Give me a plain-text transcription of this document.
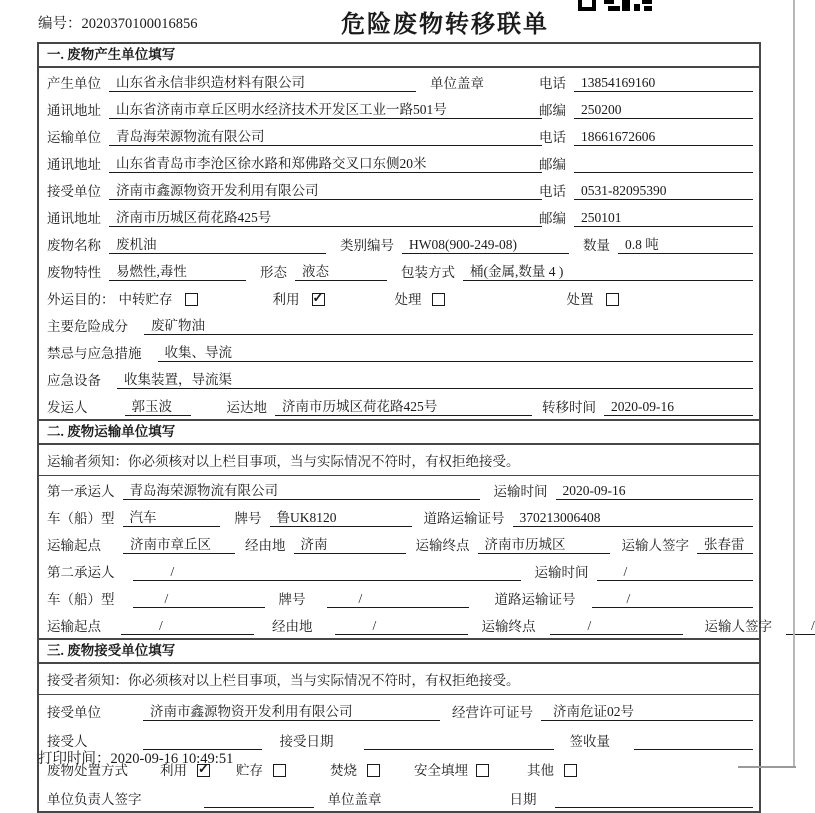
编号：2020370100016856	危险废物转移联单
一. 废物产生单位填写
产生单位	山东省永信非织造材料有限公司	单位盖章	电话	13854169160
通讯地址	山东省济南市章丘区明水经济技术开发区工业一路501号	邮编	250200
运输单位	青岛海荣源物流有限公司	电话	18661672606
通讯地址	山东省青岛市李沧区徐水路和郑佛路交叉口东侧20米	邮编
接受单位	济南市鑫源物资开发利用有限公司	电话	0531-82095390
通讯地址	济南市历城区荷花路425号	邮编	250101
废物名称	废机油	类别编号	HW08(900-249-08)	数量	0.8 吨
废物特性	易燃性,毒性	形态	液态	包装方式	桶(金属,数量 4 )
外运目的： 中转贮存	利用 ✓	处理	处置
主要危险成分	废矿物油
禁忌与应急措施	收集、导流
应急设备	收集装置，导流渠
发运人	郭玉波	运达地	济南市历城区荷花路425号	转移时间	2020-09-16
二. 废物运输单位填写
运输者须知：你必须核对以上栏目事项，当与实际情况不符时，有权拒绝接受。
第一承运人	青岛海荣源物流有限公司	运输时间	2020-09-16
车（船）型	汽车	牌号	鲁UK8120	道路运输证号	370213006408
运输起点	济南市章丘区	经由地	济南	运输终点	济南市历城区	运输人签字	张春雷
第二承运人	/	运输时间	/
车（船）型	/	牌号	/	道路运输证号	/
运输起点	/	经由地	/	运输终点	/	运输人签字	/
三. 废物接受单位填写
接受者须知：你必须核对以上栏目事项，当与实际情况不符时，有权拒绝接受。
接受单位	济南市鑫源物资开发利用有限公司	经营许可证号	济南危证02号
接受人	接受日期	签收量
废物处置方式 利用 ✓	贮存	焚烧	安全填埋	其他
单位负责人签字	单位盖章	日期
打印时间：2020-09-16 10:49:51
